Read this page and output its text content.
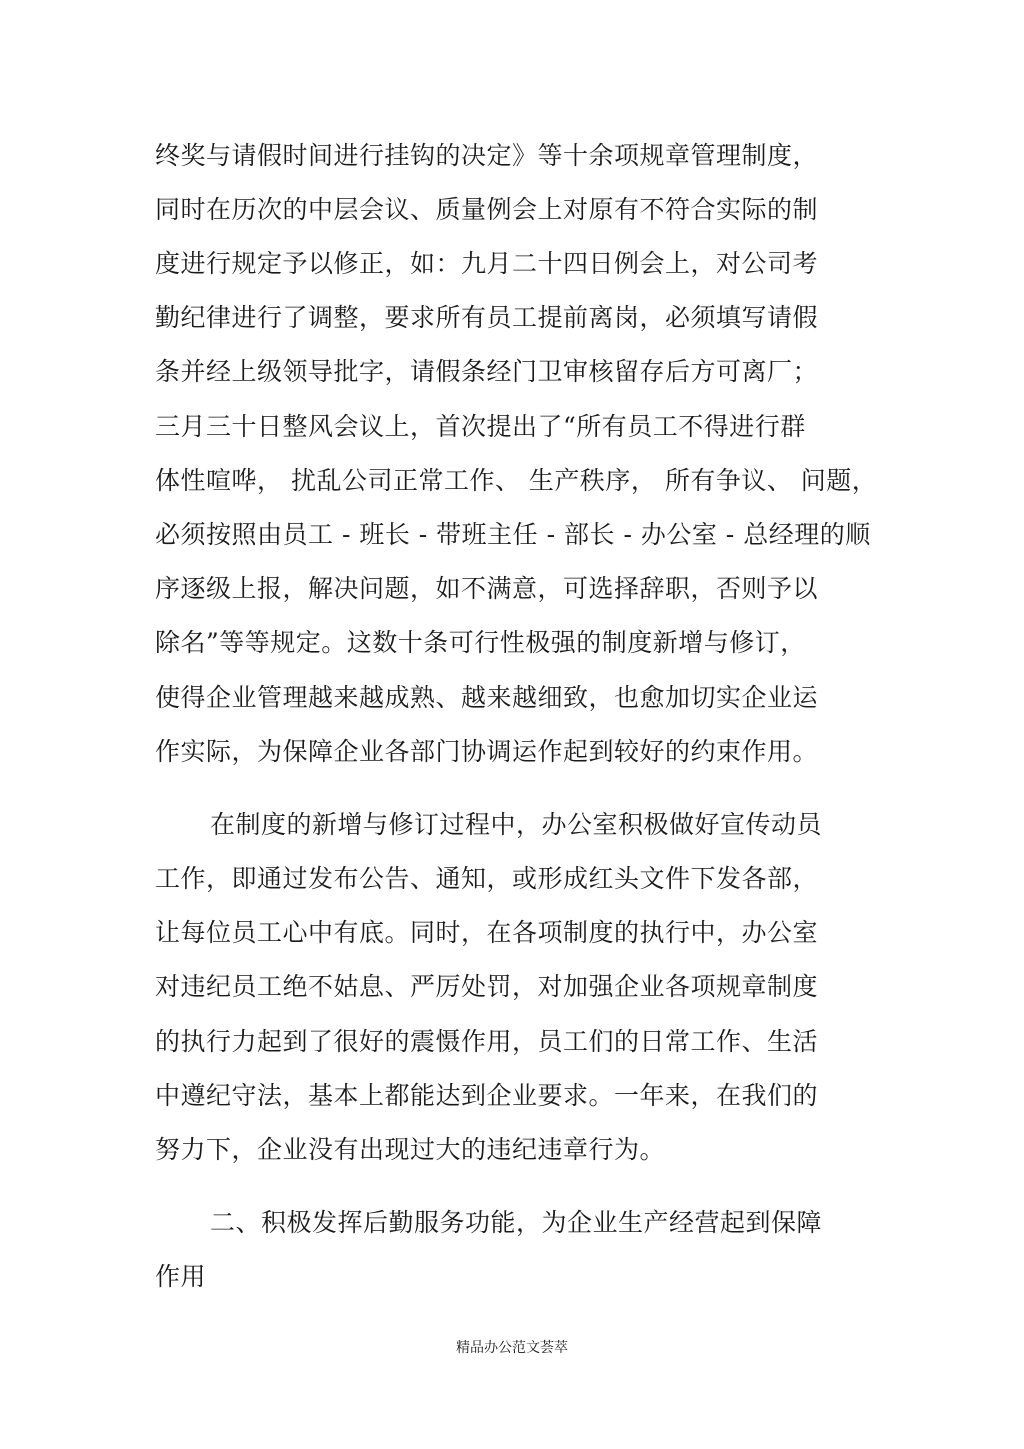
终奖与请假时间进行挂钩的决定》等十余项规章管理制度，
同时在历次的中层会议、质量例会上对原有不符合实际的制
度进行规定予以修正，如：九月二十四日例会上，对公司考
勤纪律进行了调整，要求所有员工提前离岗，必须填写请假
条并经上级领导批字，请假条经门卫审核留存后方可离厂；
三月三十日整风会议上，首次提出了“所有员工不得进行群
体性喧哗， 扰乱公司正常工作、 生产秩序， 所有争议、 问题，
必须按照由员工 - 班长 - 带班主任 - 部长 - 办公室 - 总经理的顺
序逐级上报，解决问题，如不满意，可选择辞职，否则予以
除名”等等规定。这数十条可行性极强的制度新增与修订，
使得企业管理越来越成熟、越来越细致，也愈加切实企业运
作实际，为保障企业各部门协调运作起到较好的约束作用。
在制度的新增与修订过程中，办公室积极做好宣传动员
工作，即通过发布公告、通知，或形成红头文件下发各部，
让每位员工心中有底。同时，在各项制度的执行中，办公室
对违纪员工绝不姑息、严厉处罚，对加强企业各项规章制度
的执行力起到了很好的震慑作用，员工们的日常工作、生活
中遵纪守法，基本上都能达到企业要求。一年来，在我们的
努力下，企业没有出现过大的违纪违章行为。
二、积极发挥后勤服务功能，为企业生产经营起到保障
作用
精品办公范文荟萃
